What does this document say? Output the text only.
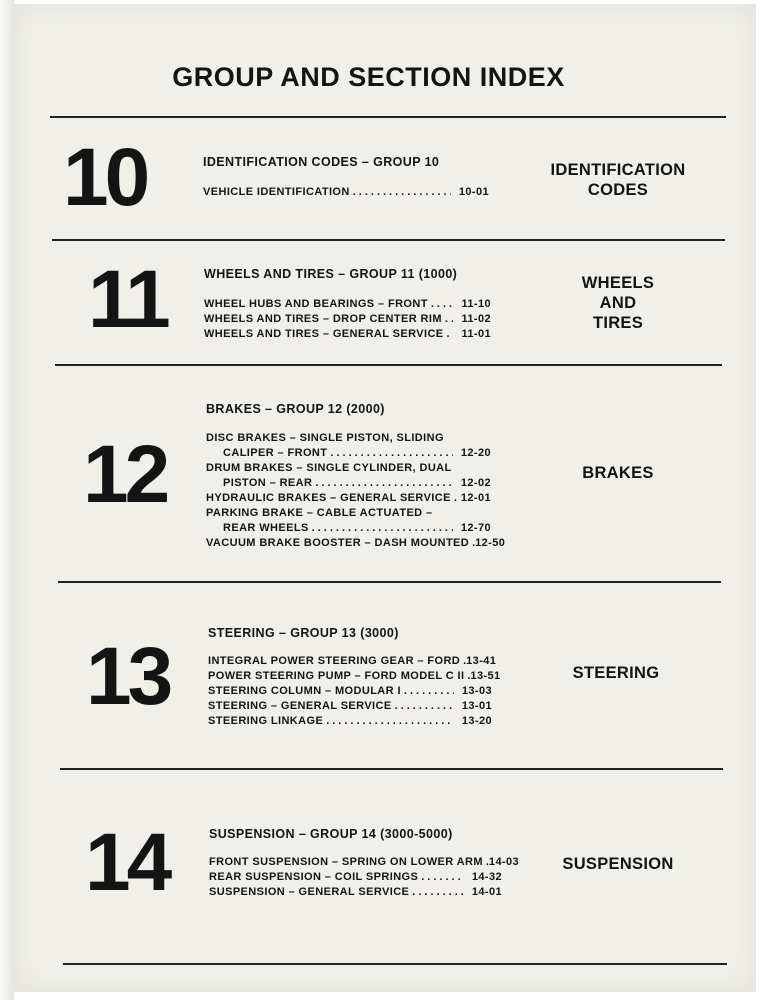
GROUP AND SECTION INDEX
10	IDENTIFICATION CODES – GROUP 10
VEHICLE IDENTIFICATION .....	10-01
IDENTIFICATION
CODES
11	WHEELS AND TIRES – GROUP 11 (1000)
WHEEL HUBS AND BEARINGS – FRONT .....	11-10
WHEELS AND TIRES – DROP CENTER RIM .....	11-02
WHEELS AND TIRES – GENERAL SERVICE .....	11-01
WHEELS
AND
TIRES
12
BRAKES – GROUP 12 (2000)
DISC BRAKES – SINGLE PISTON, SLIDING
CALIPER – FRONT .....	12-20
DRUM BRAKES – SINGLE CYLINDER, DUAL
PISTON – REAR .....	12-02
HYDRAULIC BRAKES – GENERAL SERVICE ..... 12-01
PARKING BRAKE – CABLE ACTUATED –
REAR WHEELS .....	12-70
VACUUM BRAKE BOOSTER – DASH MOUNTED ..... 12-50
BRAKES
13	STEERING – GROUP 13 (3000)
INTEGRAL POWER STEERING GEAR – FORD ..... 13-41
POWER STEERING PUMP – FORD MODEL C II ..... 13-51
STEERING COLUMN – MODULAR I .....	13-03
STEERING – GENERAL SERVICE .....	13-01
STEERING LINKAGE .....	13-20
STEERING
14	SUSPENSION – GROUP 14 (3000-5000)
FRONT SUSPENSION – SPRING ON LOWER ARM ..... 14-03
REAR SUSPENSION – COIL SPRINGS .....	14-32
SUSPENSION – GENERAL SERVICE .....	14-01
SUSPENSION
